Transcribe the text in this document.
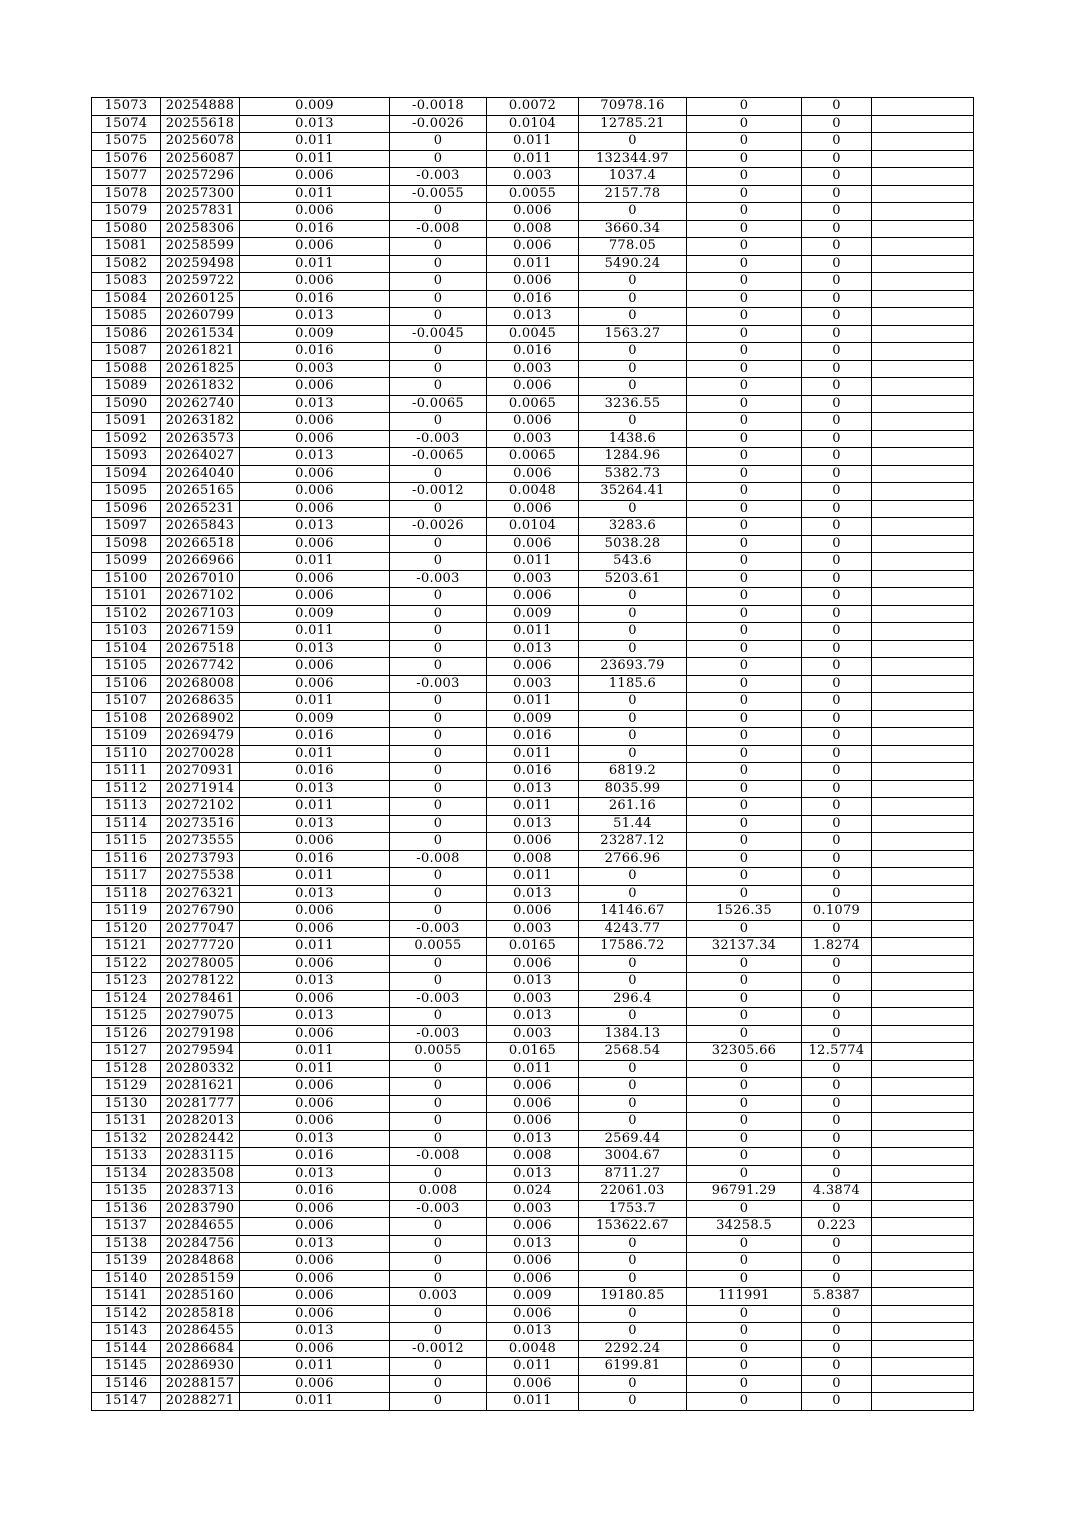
15073	20254888	0.009	-0.0018	0.0072	70978.16	0	0	
15074	20255618	0.013	-0.0026	0.0104	12785.21	0	0	
15075	20256078	0.011	0	0.011	0	0	0	
15076	20256087	0.011	0	0.011	132344.97	0	0	
15077	20257296	0.006	-0.003	0.003	1037.4	0	0	
15078	20257300	0.011	-0.0055	0.0055	2157.78	0	0	
15079	20257831	0.006	0	0.006	0	0	0	
15080	20258306	0.016	-0.008	0.008	3660.34	0	0	
15081	20258599	0.006	0	0.006	778.05	0	0	
15082	20259498	0.011	0	0.011	5490.24	0	0	
15083	20259722	0.006	0	0.006	0	0	0	
15084	20260125	0.016	0	0.016	0	0	0	
15085	20260799	0.013	0	0.013	0	0	0	
15086	20261534	0.009	-0.0045	0.0045	1563.27	0	0	
15087	20261821	0.016	0	0.016	0	0	0	
15088	20261825	0.003	0	0.003	0	0	0	
15089	20261832	0.006	0	0.006	0	0	0	
15090	20262740	0.013	-0.0065	0.0065	3236.55	0	0	
15091	20263182	0.006	0	0.006	0	0	0	
15092	20263573	0.006	-0.003	0.003	1438.6	0	0	
15093	20264027	0.013	-0.0065	0.0065	1284.96	0	0	
15094	20264040	0.006	0	0.006	5382.73	0	0	
15095	20265165	0.006	-0.0012	0.0048	35264.41	0	0	
15096	20265231	0.006	0	0.006	0	0	0	
15097	20265843	0.013	-0.0026	0.0104	3283.6	0	0	
15098	20266518	0.006	0	0.006	5038.28	0	0	
15099	20266966	0.011	0	0.011	543.6	0	0	
15100	20267010	0.006	-0.003	0.003	5203.61	0	0	
15101	20267102	0.006	0	0.006	0	0	0	
15102	20267103	0.009	0	0.009	0	0	0	
15103	20267159	0.011	0	0.011	0	0	0	
15104	20267518	0.013	0	0.013	0	0	0	
15105	20267742	0.006	0	0.006	23693.79	0	0	
15106	20268008	0.006	-0.003	0.003	1185.6	0	0	
15107	20268635	0.011	0	0.011	0	0	0	
15108	20268902	0.009	0	0.009	0	0	0	
15109	20269479	0.016	0	0.016	0	0	0	
15110	20270028	0.011	0	0.011	0	0	0	
15111	20270931	0.016	0	0.016	6819.2	0	0	
15112	20271914	0.013	0	0.013	8035.99	0	0	
15113	20272102	0.011	0	0.011	261.16	0	0	
15114	20273516	0.013	0	0.013	51.44	0	0	
15115	20273555	0.006	0	0.006	23287.12	0	0	
15116	20273793	0.016	-0.008	0.008	2766.96	0	0	
15117	20275538	0.011	0	0.011	0	0	0	
15118	20276321	0.013	0	0.013	0	0	0	
15119	20276790	0.006	0	0.006	14146.67	1526.35	0.1079	
15120	20277047	0.006	-0.003	0.003	4243.77	0	0	
15121	20277720	0.011	0.0055	0.0165	17586.72	32137.34	1.8274	
15122	20278005	0.006	0	0.006	0	0	0	
15123	20278122	0.013	0	0.013	0	0	0	
15124	20278461	0.006	-0.003	0.003	296.4	0	0	
15125	20279075	0.013	0	0.013	0	0	0	
15126	20279198	0.006	-0.003	0.003	1384.13	0	0	
15127	20279594	0.011	0.0055	0.0165	2568.54	32305.66	12.5774	
15128	20280332	0.011	0	0.011	0	0	0	
15129	20281621	0.006	0	0.006	0	0	0	
15130	20281777	0.006	0	0.006	0	0	0	
15131	20282013	0.006	0	0.006	0	0	0	
15132	20282442	0.013	0	0.013	2569.44	0	0	
15133	20283115	0.016	-0.008	0.008	3004.67	0	0	
15134	20283508	0.013	0	0.013	8711.27	0	0	
15135	20283713	0.016	0.008	0.024	22061.03	96791.29	4.3874	
15136	20283790	0.006	-0.003	0.003	1753.7	0	0	
15137	20284655	0.006	0	0.006	153622.67	34258.5	0.223	
15138	20284756	0.013	0	0.013	0	0	0	
15139	20284868	0.006	0	0.006	0	0	0	
15140	20285159	0.006	0	0.006	0	0	0	
15141	20285160	0.006	0.003	0.009	19180.85	111991	5.8387	
15142	20285818	0.006	0	0.006	0	0	0	
15143	20286455	0.013	0	0.013	0	0	0	
15144	20286684	0.006	-0.0012	0.0048	2292.24	0	0	
15145	20286930	0.011	0	0.011	6199.81	0	0	
15146	20288157	0.006	0	0.006	0	0	0	
15147	20288271	0.011	0	0.011	0	0	0	
